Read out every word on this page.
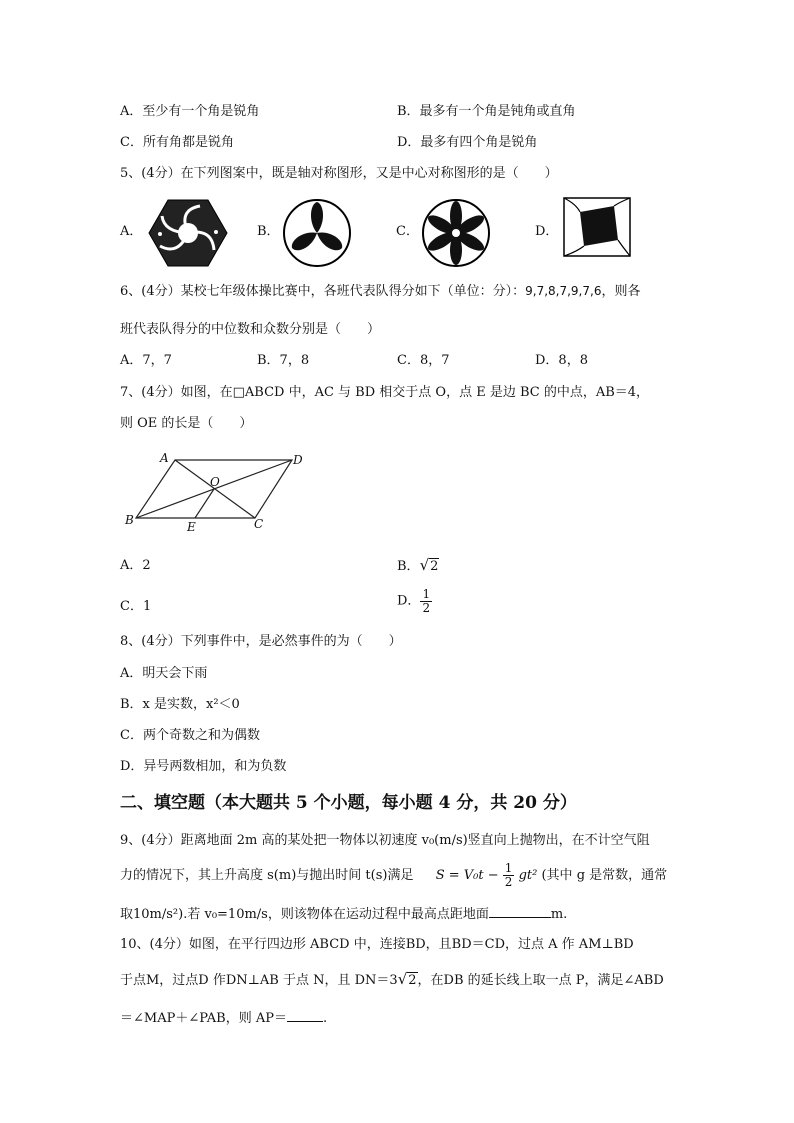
A．至少有一个角是锐角	B．最多有一个角是钝角或直角
C．所有角都是锐角	D．最多有四个角是锐角
5、(4分）在下列图案中，既是轴对称图形，又是中心对称图形的是（　　）
A．	B．	C．	D．
6、(4分）某校七年级体操比赛中，各班代表队得分如下（单位：分）：9,7,8,7,9,7,6，则各
班代表队得分的中位数和众数分别是（　　）
A．7，7	B．7，8	C．8，7	D．8，8
7、(4分）如图，在□ABCD 中，AC 与 BD 相交于点 O，点 E 是边 BC 的中点，AB＝4，
则 OE 的长是（　　）
A	D
O
B	E	C
A．2	B．√2
C．1	D． $\frac{1}{2}$
8、(4分）下列事件中，是必然事件的为（　　）
A．明天会下雨
B．x 是实数，x²＜0
C．两个奇数之和为偶数
D．异号两数相加，和为负数
二、填空题（本大题共 5 个小题，每小题 4 分，共 20 分）
9、(4分）距离地面 2m 高的某处把一物体以初速度 v₀(m/s)竖直向上抛物出，在不计空气阻
力的情况下，其上升高度 s(m)与抛出时间 t(s)满足 $S = V_0t - \frac{1}{2} gt^2$ (其中 g 是常数，通常
取10m/s²).若 v₀=10m/s，则该物体在运动过程中最高点距地面	m.
10、(4分）如图，在平行四边形 ABCD 中，连接BD，且BD＝CD，过点 A 作 AM⊥BD
于点M，过点D 作DN⊥AB 于点 N，且 DN＝3√2，在DB 的延长线上取一点 P，满足∠ABD
＝∠MAP＋∠PAB，则 AP＝	.
